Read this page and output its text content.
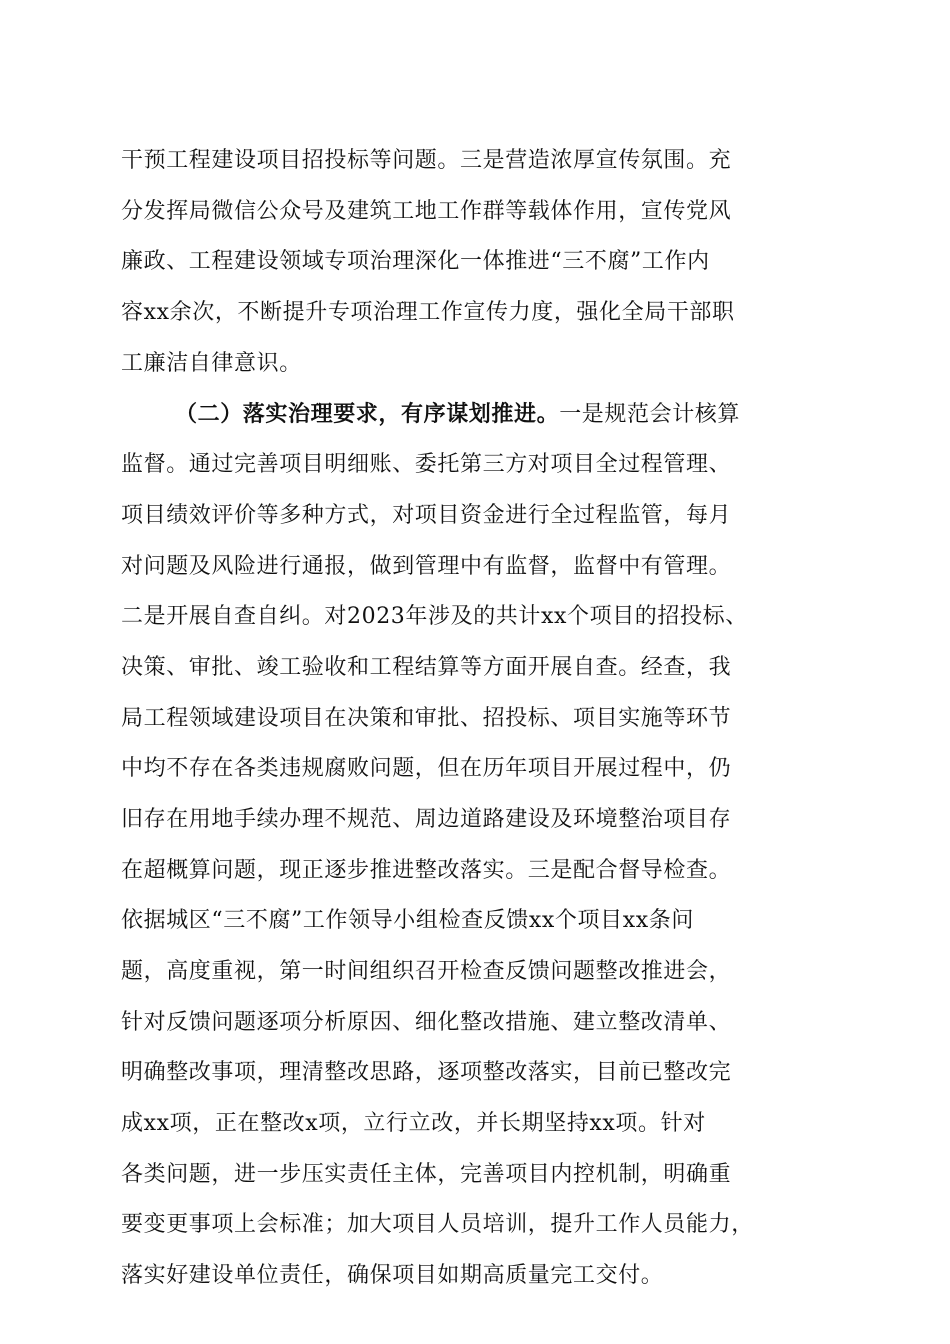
干预工程建设项目招投标等问题。三是营造浓厚宣传氛围。充
分发挥局微信公众号及建筑工地工作群等载体作用，宣传党风
廉政、工程建设领域专项治理深化一体推进“三不腐”工作内
容xx余次，不断提升专项治理工作宣传力度，强化全局干部职
工廉洁自律意识。
（二）落实治理要求，有序谋划推进。一是规范会计核算
监督。通过完善项目明细账、委托第三方对项目全过程管理、
项目绩效评价等多种方式，对项目资金进行全过程监管，每月
对问题及风险进行通报，做到管理中有监督，监督中有管理。
二是开展自查自纠。对2023年涉及的共计xx个项目的招投标、
决策、审批、竣工验收和工程结算等方面开展自查。经查，我
局工程领域建设项目在决策和审批、招投标、项目实施等环节
中均不存在各类违规腐败问题，但在历年项目开展过程中，仍
旧存在用地手续办理不规范、周边道路建设及环境整治项目存
在超概算问题，现正逐步推进整改落实。三是配合督导检查。
依据城区“三不腐”工作领导小组检查反馈xx个项目xx条问
题，高度重视，第一时间组织召开检查反馈问题整改推进会，
针对反馈问题逐项分析原因、细化整改措施、建立整改清单、
明确整改事项，理清整改思路，逐项整改落实，目前已整改完
成xx项，正在整改x项，立行立改，并长期坚持xx项。针对
各类问题，进一步压实责任主体，完善项目内控机制，明确重
要变更事项上会标准；加大项目人员培训，提升工作人员能力，
落实好建设单位责任，确保项目如期高质量完工交付。
